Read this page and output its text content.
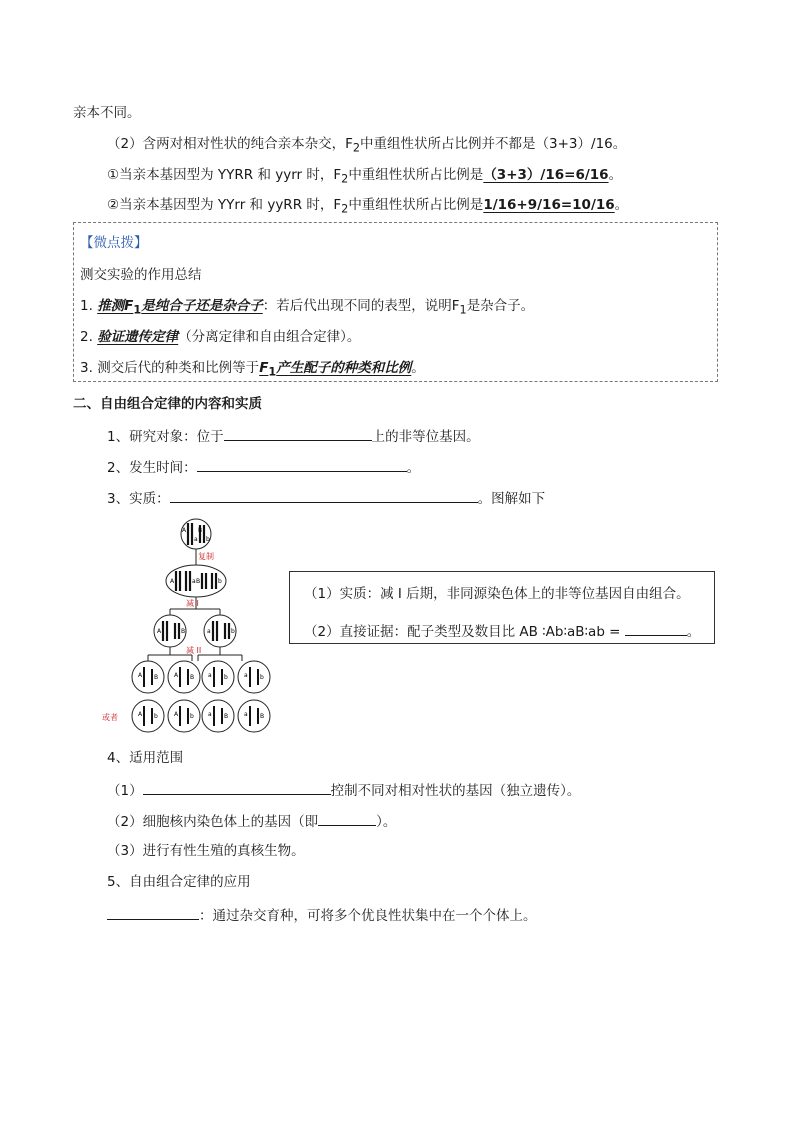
亲本不同。
（2）含两对相对性状的纯合亲本杂交，$F_2$中重组性状所占比例并不都是（3+3）/16。
①当亲本基因型为 YYRR 和 yyrr 时，$F_2$中重组性状所占比例是（3+3）/16=6/16。
②当亲本基因型为 YYrr 和 yyRR 时，$F_2$中重组性状所占比例是1/16+9/16=10/16。
【微点拨】
测交实验的作用总结
1. 推测$F_1$是纯合子还是杂合子：若后代出现不同的表型，说明$F_1$是杂合子。
2. 验证遗传定律（分离定律和自由组合定律）。
3. 测交后代的种类和比例等于$F_1$产生配子的种类和比例。
二、自由组合定律的内容和实质
1、研究对象：位于	上的非等位基因。
2、发生时间：	。
3、实质：	。图解如下
A
a
B
b
复制
A	a B	b
减 I
A	B	a	b
减 II
A B	A B a b	a b
或者	A b	A b a B	a B
（1）实质：减 I 后期，非同源染色体上的非等位基因自由组合。
（2）直接证据：配子类型及数目比 AB ∶Ab∶aB∶ab =	。
4、适用范围
（1）	控制不同对相对性状的基因（独立遗传）。
（2）细胞核内染色体上的基因（即	）。
（3）进行有性生殖的真核生物。
5、自由组合定律的应用
：通过杂交育种，可将多个优良性状集中在一个个体上。
